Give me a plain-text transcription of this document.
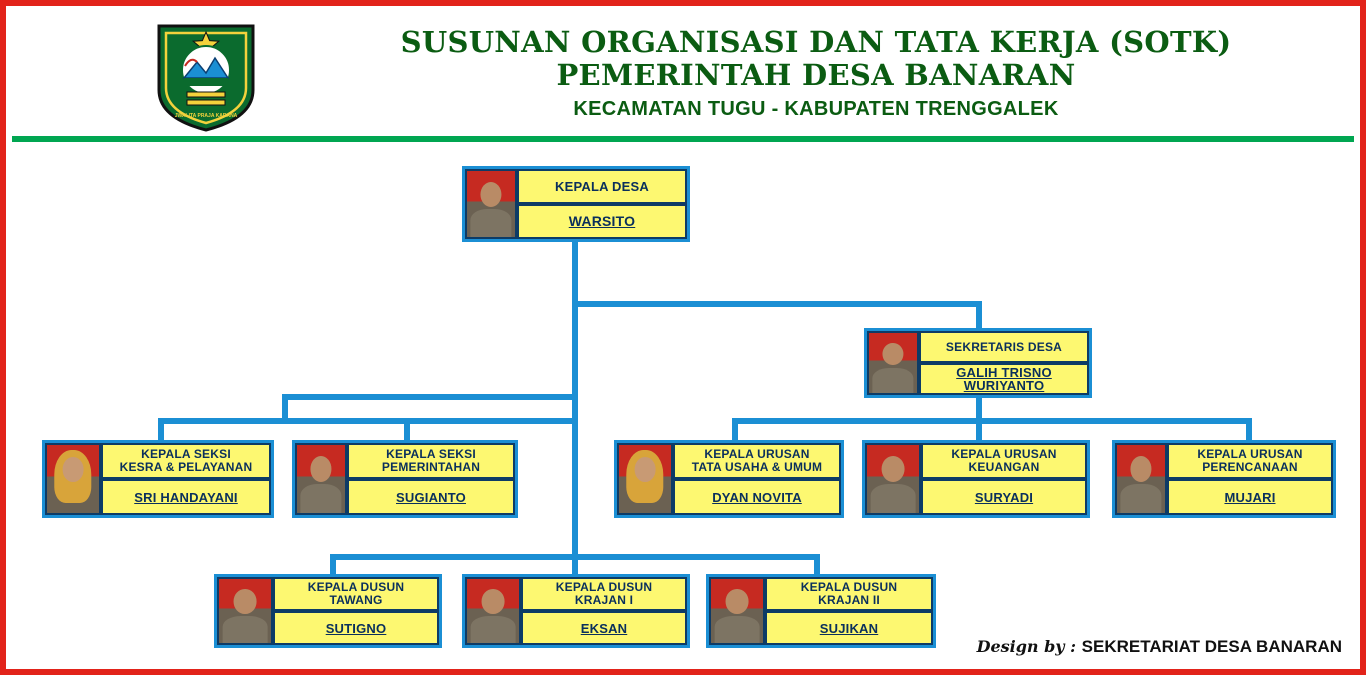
JWALITA PRAJA KARANA
SUSUNAN ORGANISASI DAN TATA KERJA (SOTK)
PEMERINTAH DESA BANARAN
KECAMATAN TUGU - KABUPATEN TRENGGALEK
KEPALA DESA
WARSITO
SEKRETARIS DESA
GALIH TRISNO WURIYANTO
KEPALA SEKSI
KESRA & PELAYANAN
SRI HANDAYANI
KEPALA SEKSI
PEMERINTAHAN
SUGIANTO
KEPALA URUSAN
TATA USAHA & UMUM
DYAN NOVITA
KEPALA URUSAN
KEUANGAN
SURYADI
KEPALA URUSAN
PERENCANAAN
MUJARI
KEPALA DUSUN
TAWANG
SUTIGNO
KEPALA DUSUN
KRAJAN I
EKSAN
KEPALA DUSUN
KRAJAN II
SUJIKAN
Design by : SEKRETARIAT DESA BANARAN
